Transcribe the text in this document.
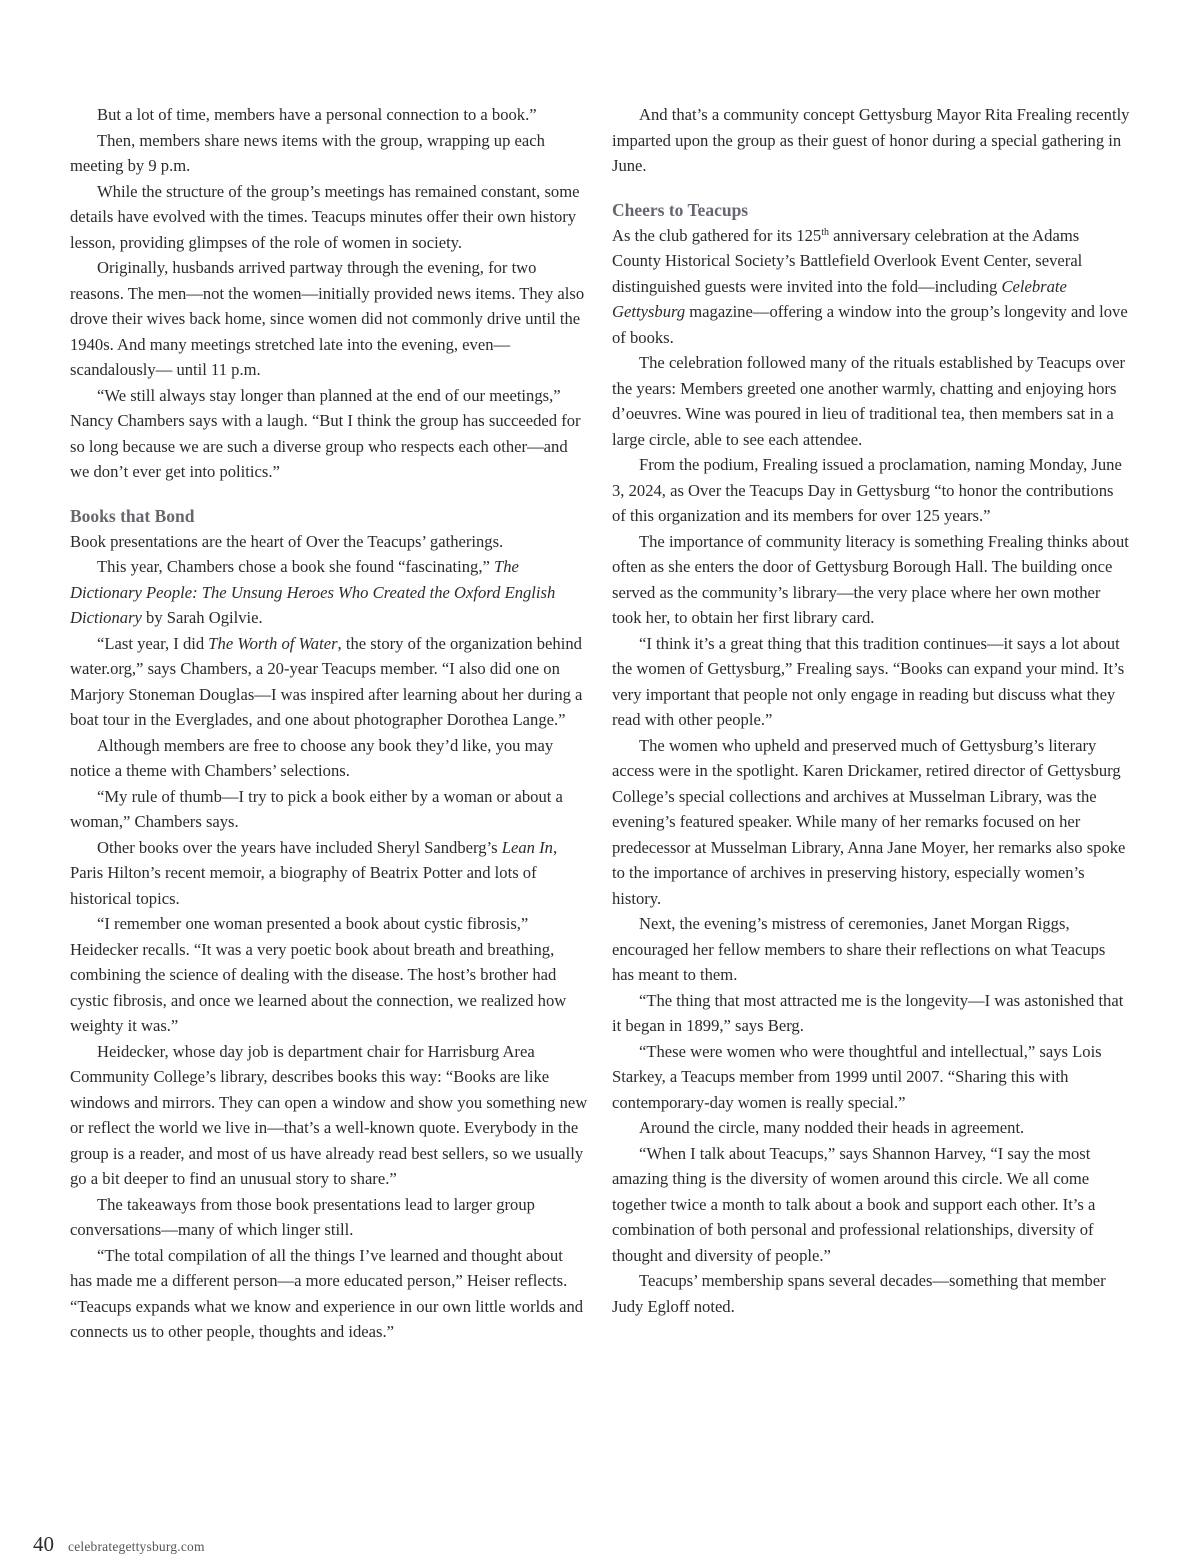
But a lot of time, members have a personal connection to a book.”

Then, members share news items with the group, wrapping up each meeting by 9 p.m.

While the structure of the group’s meetings has remained constant, some details have evolved with the times. Teacups minutes offer their own history lesson, providing glimpses of the role of women in society.

Originally, husbands arrived partway through the evening, for two reasons. The men—not the women—initially provided news items. They also drove their wives back home, since women did not commonly drive until the 1940s. And many meetings stretched late into the evening, even—scandalously— until 11 p.m.

“We still always stay longer than planned at the end of our meetings,” Nancy Chambers says with a laugh. “But I think the group has succeeded for so long because we are such a diverse group who respects each other—and we don’t ever get into politics.”

Books that Bond

Book presentations are the heart of Over the Teacups’ gatherings.

This year, Chambers chose a book she found “fascinating,” The Dictionary People: The Unsung Heroes Who Created the Oxford English Dictionary by Sarah Ogilvie.

“Last year, I did The Worth of Water, the story of the organization behind water.org,” says Chambers, a 20-year Teacups member. “I also did one on Marjory Stoneman Douglas—I was inspired after learning about her during a boat tour in the Everglades, and one about photographer Dorothea Lange.”

Although members are free to choose any book they’d like, you may notice a theme with Chambers’ selections.

“My rule of thumb—I try to pick a book either by a woman or about a woman,” Chambers says.

Other books over the years have included Sheryl Sandberg’s Lean In, Paris Hilton’s recent memoir, a biography of Beatrix Potter and lots of historical topics.

“I remember one woman presented a book about cystic fibrosis,” Heidecker recalls. “It was a very poetic book about breath and breathing, combining the science of dealing with the disease. The host’s brother had cystic fibrosis, and once we learned about the connection, we realized how weighty it was.”

Heidecker, whose day job is department chair for Harrisburg Area Community College’s library, describes books this way: “Books are like windows and mirrors. They can open a window and show you something new or reflect the world we live in—that’s a well-known quote. Everybody in the group is a reader, and most of us have already read best sellers, so we usually go a bit deeper to find an unusual story to share.”

The takeaways from those book presentations lead to larger group conversations—many of which linger still.

“The total compilation of all the things I’ve learned and thought about has made me a different person—a more educated person,” Heiser reflects. “Teacups expands what we know and experience in our own little worlds and connects us to other people, thoughts and ideas.”

And that’s a community concept Gettysburg Mayor Rita Frealing recently imparted upon the group as their guest of honor during a special gathering in June.

Cheers to Teacups

As the club gathered for its 125th anniversary celebration at the Adams County Historical Society’s Battlefield Overlook Event Center, several distinguished guests were invited into the fold—including Celebrate Gettysburg magazine—offering a window into the group’s longevity and love of books.

The celebration followed many of the rituals established by Teacups over the years: Members greeted one another warmly, chatting and enjoying hors d’oeuvres. Wine was poured in lieu of traditional tea, then members sat in a large circle, able to see each attendee.

From the podium, Frealing issued a proclamation, naming Monday, June 3, 2024, as Over the Teacups Day in Gettysburg “to honor the contributions of this organization and its members for over 125 years.”

The importance of community literacy is something Frealing thinks about often as she enters the door of Gettysburg Borough Hall. The building once served as the community’s library—the very place where her own mother took her, to obtain her first library card.

“I think it’s a great thing that this tradition continues—it says a lot about the women of Gettysburg,” Frealing says. “Books can expand your mind. It’s very important that people not only engage in reading but discuss what they read with other people.”

The women who upheld and preserved much of Gettysburg’s literary access were in the spotlight. Karen Drickamer, retired director of Gettysburg College’s special collections and archives at Musselman Library, was the evening’s featured speaker. While many of her remarks focused on her predecessor at Musselman Library, Anna Jane Moyer, her remarks also spoke to the importance of archives in preserving history, especially women’s history.

Next, the evening’s mistress of ceremonies, Janet Morgan Riggs, encouraged her fellow members to share their reflections on what Teacups has meant to them.

“The thing that most attracted me is the longevity—I was astonished that it began in 1899,” says Berg.

“These were women who were thoughtful and intellectual,” says Lois Starkey, a Teacups member from 1999 until 2007. “Sharing this with contemporary-day women is really special.”

Around the circle, many nodded their heads in agreement.

“When I talk about Teacups,” says Shannon Harvey, “I say the most amazing thing is the diversity of women around this circle. We all come together twice a month to talk about a book and support each other. It’s a combination of both personal and professional relationships, diversity of thought and diversity of people.”

Teacups’ membership spans several decades—something that member Judy Egloff noted.

40 celebrategettysburg.com
